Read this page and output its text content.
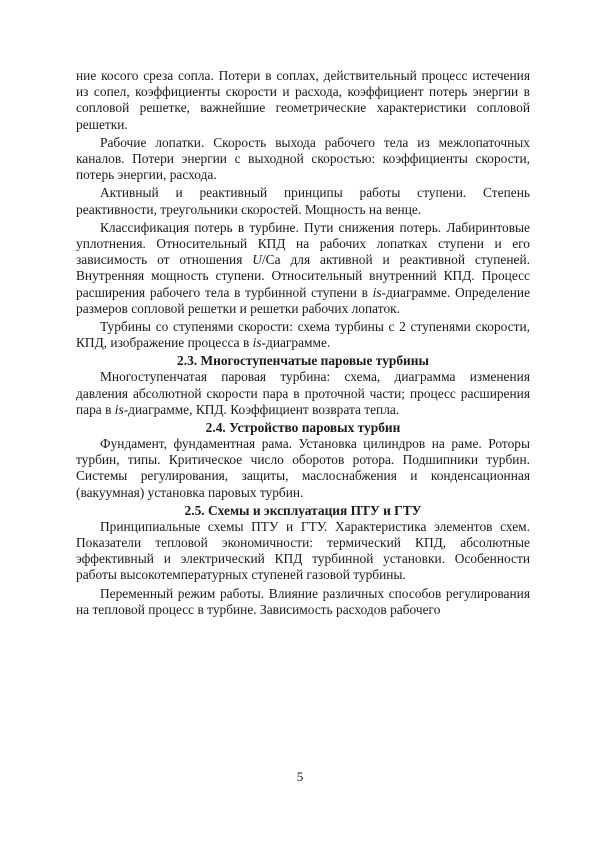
ние косого среза сопла. Потери в соплах, действительный процесс истечения из сопел, коэффициенты скорости и расхода, коэффициент потерь энергии в сопловой решетке, важнейшие геометрические характеристики сопловой решетки.

Рабочие лопатки. Скорость выхода рабочего тела из межлопаточных каналов. Потери энергии с выходной скоростью: коэффициенты скорости, потерь энергии, расхода.

Активный и реактивный принципы работы ступени. Степень реактивности, треугольники скоростей. Мощность на венце.

Классификация потерь в турбине. Пути снижения потерь. Лабиринтовые уплотнения. Относительный КПД на рабочих лопатках ступени и его зависимость от отношения U/Са для активной и реактивной ступеней. Внутренняя мощность ступени. Относительный внутренний КПД. Процесс расширения рабочего тела в турбинной ступени в is-диаграмме. Определение размеров сопловой решетки и решетки рабочих лопаток.

Турбины со ступенями скорости: схема турбины с 2 ступенями скорости, КПД, изображение процесса в is-диаграмме.

2.3. Многоступенчатые паровые турбины

Многоступенчатая паровая турбина: схема, диаграмма изменения давления абсолютной скорости пара в проточной части; процесс расширения пара в is-диаграмме, КПД. Коэффициент возврата тепла.

2.4. Устройство паровых турбин

Фундамент, фундаментная рама. Установка цилиндров на раме. Роторы турбин, типы. Критическое число оборотов ротора. Подшипники турбин. Системы регулирования, защиты, маслоснабжения и конденсационная (вакуумная) установка паровых турбин.

2.5. Схемы и эксплуатация ПТУ и ГТУ

Принципиальные схемы ПТУ и ГТУ. Характеристика элементов схем. Показатели тепловой экономичности: термический КПД, абсолютные эффективный и электрический КПД турбинной установки. Особенности работы высокотемпературных ступеней газовой турбины.

Переменный режим работы. Влияние различных способов регулирования на тепловой процесс в турбине. Зависимость расходов рабочего

5
